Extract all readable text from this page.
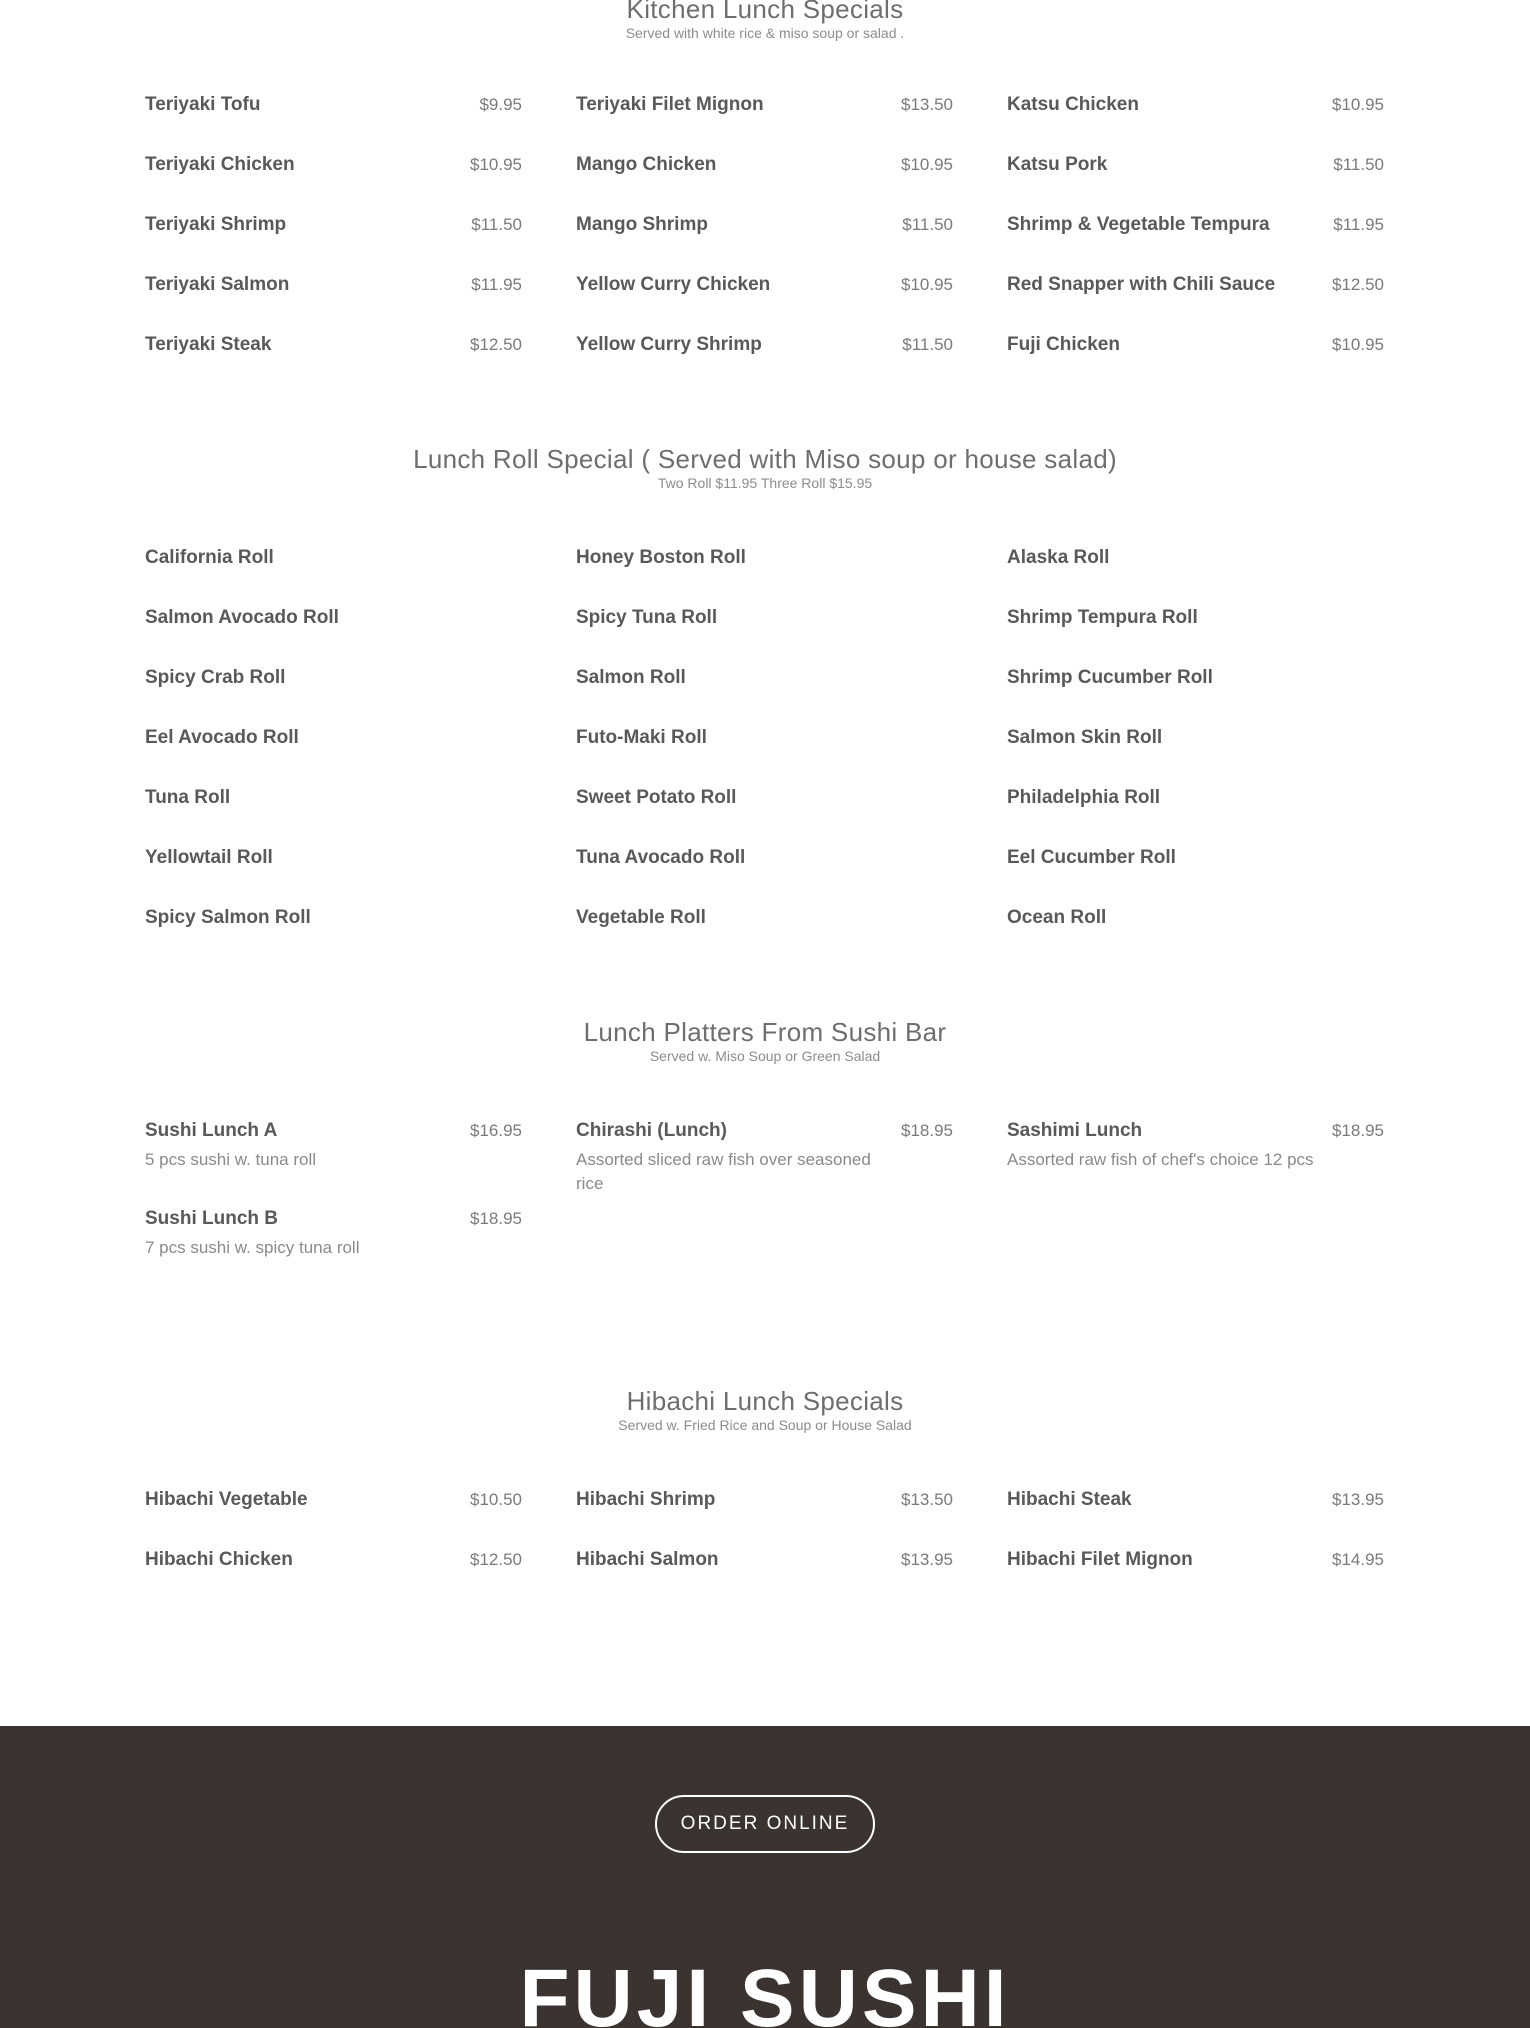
Kitchen Lunch Specials
Served with white rice & miso soup or salad .
Teriyaki Tofu	$9.95
Teriyaki Chicken	$10.95
Teriyaki Shrimp	$11.50
Teriyaki Salmon	$11.95
Teriyaki Steak	$12.50
Teriyaki Filet Mignon	$13.50
Mango Chicken	$10.95
Mango Shrimp	$11.50
Yellow Curry Chicken	$10.95
Yellow Curry Shrimp	$11.50
Katsu Chicken	$10.95
Katsu Pork	$11.50
Shrimp & Vegetable Tempura	$11.95
Red Snapper with Chili Sauce	$12.50
Fuji Chicken	$10.95
Lunch Roll Special ( Served with Miso soup or house salad)
Two Roll $11.95 Three Roll $15.95
California Roll
Salmon Avocado Roll
Spicy Crab Roll
Eel Avocado Roll
Tuna Roll
Yellowtail Roll
Spicy Salmon Roll
Honey Boston Roll
Spicy Tuna Roll
Salmon Roll
Futo-Maki Roll
Sweet Potato Roll
Tuna Avocado Roll
Vegetable Roll
Alaska Roll
Shrimp Tempura Roll
Shrimp Cucumber Roll
Salmon Skin Roll
Philadelphia Roll
Eel Cucumber Roll
Ocean Roll
Lunch Platters From Sushi Bar
Served w. Miso Soup or Green Salad
Sushi Lunch A	$16.95
5 pcs sushi w. tuna roll
Sushi Lunch B	$18.95
7 pcs sushi w. spicy tuna roll
Chirashi (Lunch)	$18.95
Assorted sliced raw fish over seasoned rice
Sashimi Lunch	$18.95
Assorted raw fish of chef's choice 12 pcs
Hibachi Lunch Specials
Served w. Fried Rice and Soup or House Salad
Hibachi Vegetable	$10.50
Hibachi Chicken	$12.50
Hibachi Shrimp	$13.50
Hibachi Salmon	$13.95
Hibachi Steak	$13.95
Hibachi Filet Mignon	$14.95
ORDER ONLINE
FUJI SUSHI
